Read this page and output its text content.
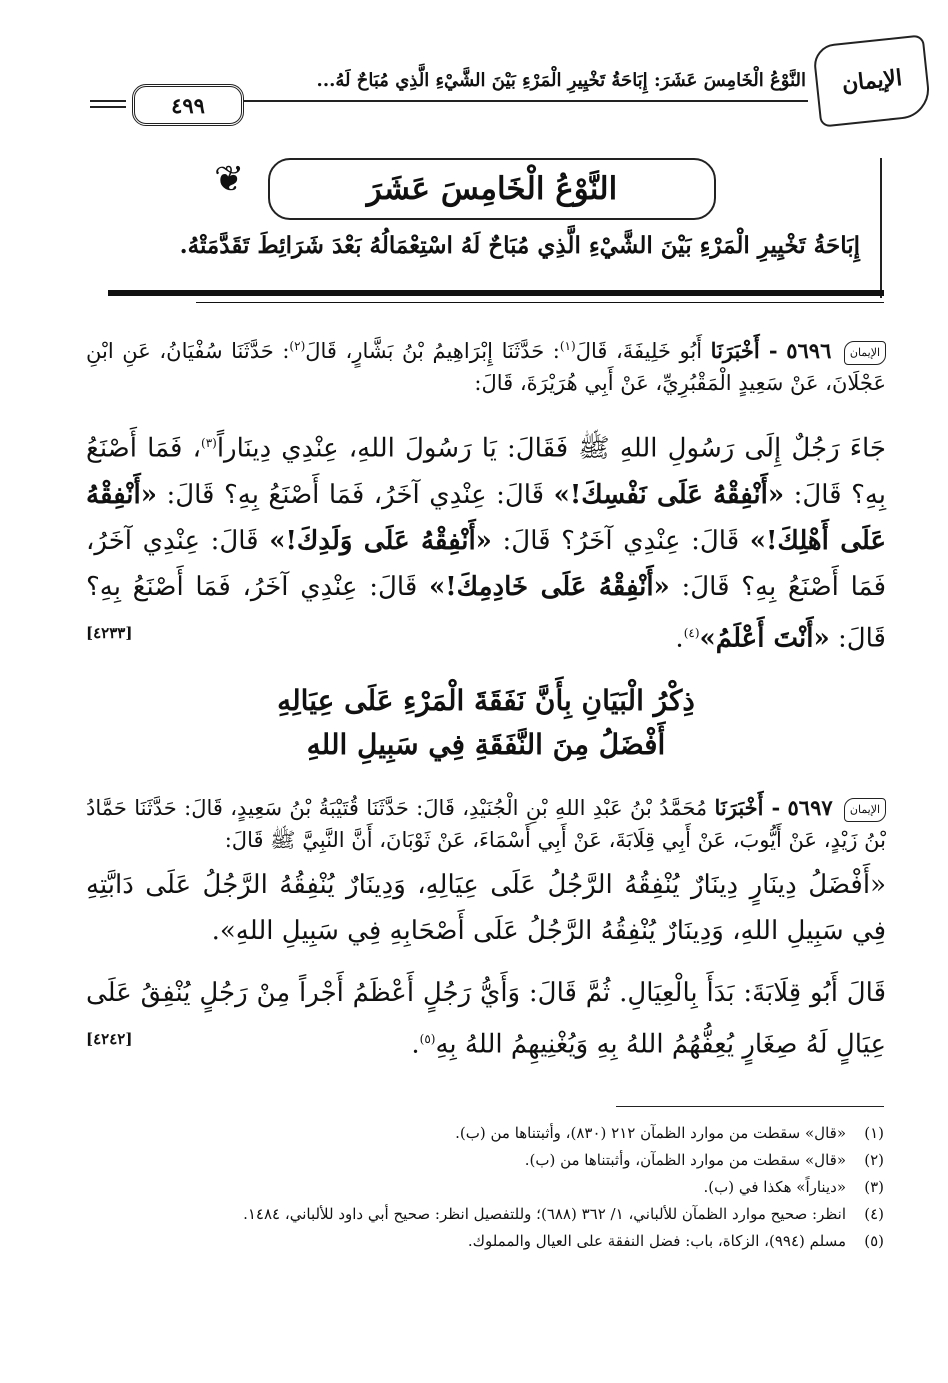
الإيمان
النَّوْعُ الْخَامِسَ عَشَرَ: إِبَاحَةُ تَخْيِيرِ الْمَرْءِ بَيْنَ الشَّيْءِ الَّذِي مُبَاحٌ لَهُ...
٤٩٩
النَّوْعُ الْخَامِسَ عَشَرَ
❦
إِبَاحَةُ تَخْيِيرِ الْمَرْءِ بَيْنَ الشَّيْءِ الَّذِي مُبَاحٌ لَهُ اسْتِعْمَالُهُ بَعْدَ شَرَائِطَ تَقَدَّمَتْهُ.
الإيمان ٥٦٩٦ - أَخْبَرَنَا أَبُو خَلِيفَةَ، قَالَ$^{(١)}$: حَدَّثَنَا إِبْرَاهِيمُ بْنُ بَشَّارٍ، قَالَ$^{(٢)}$: حَدَّثَنَا سُفْيَانُ، عَنِ ابْنِ عَجْلَانَ، عَنْ سَعِيدٍ الْمَقْبُرِيِّ، عَنْ أَبِي هُرَيْرَةَ، قَالَ:
جَاءَ رَجُلٌ إِلَى رَسُولِ اللهِ ﷺ فَقَالَ: يَا رَسُولَ اللهِ، عِنْدِي دِينَاراً$^{(٣)}$، فَمَا أَصْنَعُ بِهِ؟ قَالَ: «أَنْفِقْهُ عَلَى نَفْسِكَ!» قَالَ: عِنْدِي آخَرُ، فَمَا أَصْنَعُ بِهِ؟ قَالَ: «أَنْفِقْهُ عَلَى أَهْلِكَ!» قَالَ: عِنْدِي آخَرُ؟ قَالَ: «أَنْفِقْهُ عَلَى وَلَدِكَ!» قَالَ: عِنْدِي آخَرُ، فَمَا أَصْنَعُ بِهِ؟ قَالَ: «أَنْفِقْهُ عَلَى خَادِمِكَ!» قَالَ: عِنْدِي آخَرُ، فَمَا أَصْنَعُ بِهِ؟ قَالَ: «أَنْتَ أَعْلَمُ»$^{(٤)}$.
[٤٢٣٣]
ذِكْرُ الْبَيَانِ بِأَنَّ نَفَقَةَ الْمَرْءِ عَلَى عِيَالِهِ
أَفْضَلُ مِنَ النَّفَقَةِ فِي سَبِيلِ اللهِ
الإيمان ٥٦٩٧ - أَخْبَرَنَا مُحَمَّدُ بْنُ عَبْدِ اللهِ بْنِ الْجُنَيْدِ، قَالَ: حَدَّثَنَا قُتَيْبَةُ بْنُ سَعِيدٍ، قَالَ: حَدَّثَنَا حَمَّادُ بْنُ زَيْدٍ، عَنْ أَيُّوبَ، عَنْ أَبِي قِلَابَةَ، عَنْ أَبِي أَسْمَاءَ، عَنْ ثَوْبَانَ، أَنَّ النَّبِيَّ ﷺ قَالَ:
«أَفْضَلُ دِينَارٍ دِينَارٌ يُنْفِقُهُ الرَّجُلُ عَلَى عِيَالِهِ، وَدِينَارٌ يُنْفِقُهُ الرَّجُلُ عَلَى دَابَّتِهِ فِي سَبِيلِ اللهِ، وَدِينَارٌ يُنْفِقُهُ الرَّجُلُ عَلَى أَصْحَابِهِ فِي سَبِيلِ اللهِ».
قَالَ أَبُو قِلَابَةَ: بَدَأَ بِالْعِيَالِ. ثُمَّ قَالَ: وَأَيُّ رَجُلٍ أَعْظَمُ أَجْراً مِنْ رَجُلٍ يُنْفِقُ عَلَى عِيَالٍ لَهُ صِغَارٍ يُعِفُّهُمُ اللهُ بِهِ وَيُغْنِيهِمُ اللهُ بِهِ$^{(٥)}$.
[٤٢٤٢]
(١)
«قال» سقطت من موارد الظمآن ٢١٢ (٨٣٠)، وأثبتناها من (ب).
(٢)
«قال» سقطت من موارد الظمآن، وأثبتناها من (ب).
(٣)
«ديناراً» هكذا في (ب).
(٤)
انظر: صحيح موارد الظمآن للألباني، ١/ ٣٦٢ (٦٨٨)؛ وللتفصيل انظر: صحيح أبي داود للألباني، ١٤٨٤.
(٥)
مسلم (٩٩٤)، الزكاة، باب: فضل النفقة على العيال والمملوك.
